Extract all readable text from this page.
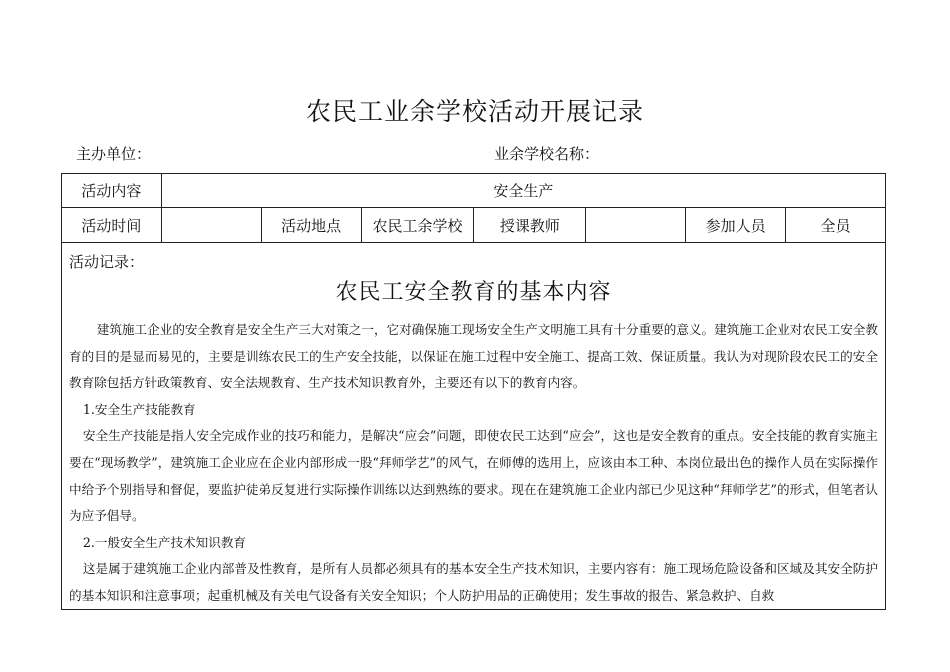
农民工业余学校活动开展记录
主办单位：	业余学校名称：
活动内容	安全生产						
活动时间		活动地点	农民工余学校	授课教师		参加人员	全员
活动记录：
农民工安全教育的基本内容

建筑施工企业的安全教育是安全生产三大对策之一，它对确保施工现场安全生产文明施工具有十分重要的意义。建筑施工企业对农民工安全教育的目的是显而易见的，主要是训练农民工的生产安全技能，以保证在施工过程中安全施工、提高工效、保证质量。我认为对现阶段农民工的安全教育除包括方针政策教育、安全法规教育、生产技术知识教育外，主要还有以下的教育内容。

1.安全生产技能教育

安全生产技能是指人安全完成作业的技巧和能力，是解决“应会”问题，即使农民工达到“应会”，这也是安全教育的重点。安全技能的教育实施主要在“现场教学”，建筑施工企业应在企业内部形成一股“拜师学艺”的风气，在师傅的选用上，应该由本工种、本岗位最出色的操作人员在实际操作中给予个别指导和督促，要监护徒弟反复进行实际操作训练以达到熟练的要求。现在在建筑施工企业内部已少见这种“拜师学艺”的形式，但笔者认为应予倡导。

2.一般安全生产技术知识教育

这是属于建筑施工企业内部普及性教育，是所有人员都必须具有的基本安全生产技术知识，主要内容有：施工现场危险设备和区域及其安全防护的基本知识和注意事项；起重机械及有关电气设备有关安全知识；个人防护用品的正确使用；发生事故的报告、紧急救护、自救
